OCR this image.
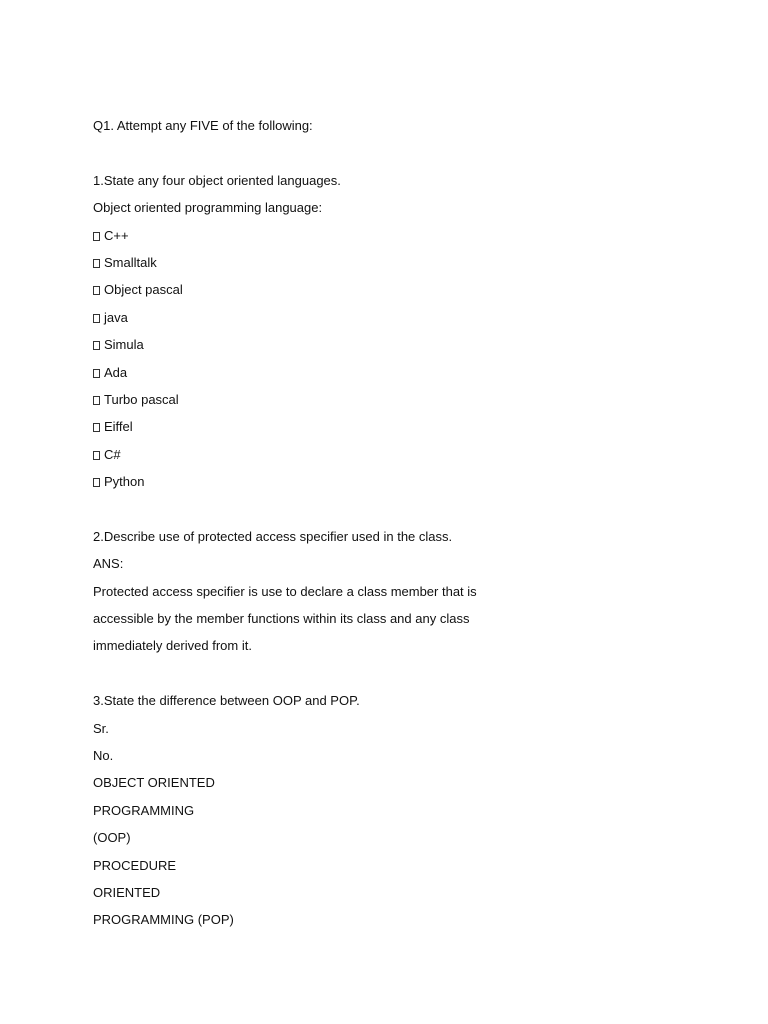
Q1. Attempt any FIVE of the following:
1.State any four object oriented languages.
Object oriented programming language:
C++
Smalltalk
Object pascal
java
Simula
Ada
Turbo pascal
Eiffel
C#
Python
2.Describe use of protected access specifier used in the class.
ANS:
Protected access specifier is use to declare a class member that is
accessible by the member functions within its class and any class
immediately derived from it.
3.State the difference between OOP and POP.
Sr.
No.
OBJECT ORIENTED
PROGRAMMING
(OOP)
PROCEDURE
ORIENTED
PROGRAMMING (POP)
